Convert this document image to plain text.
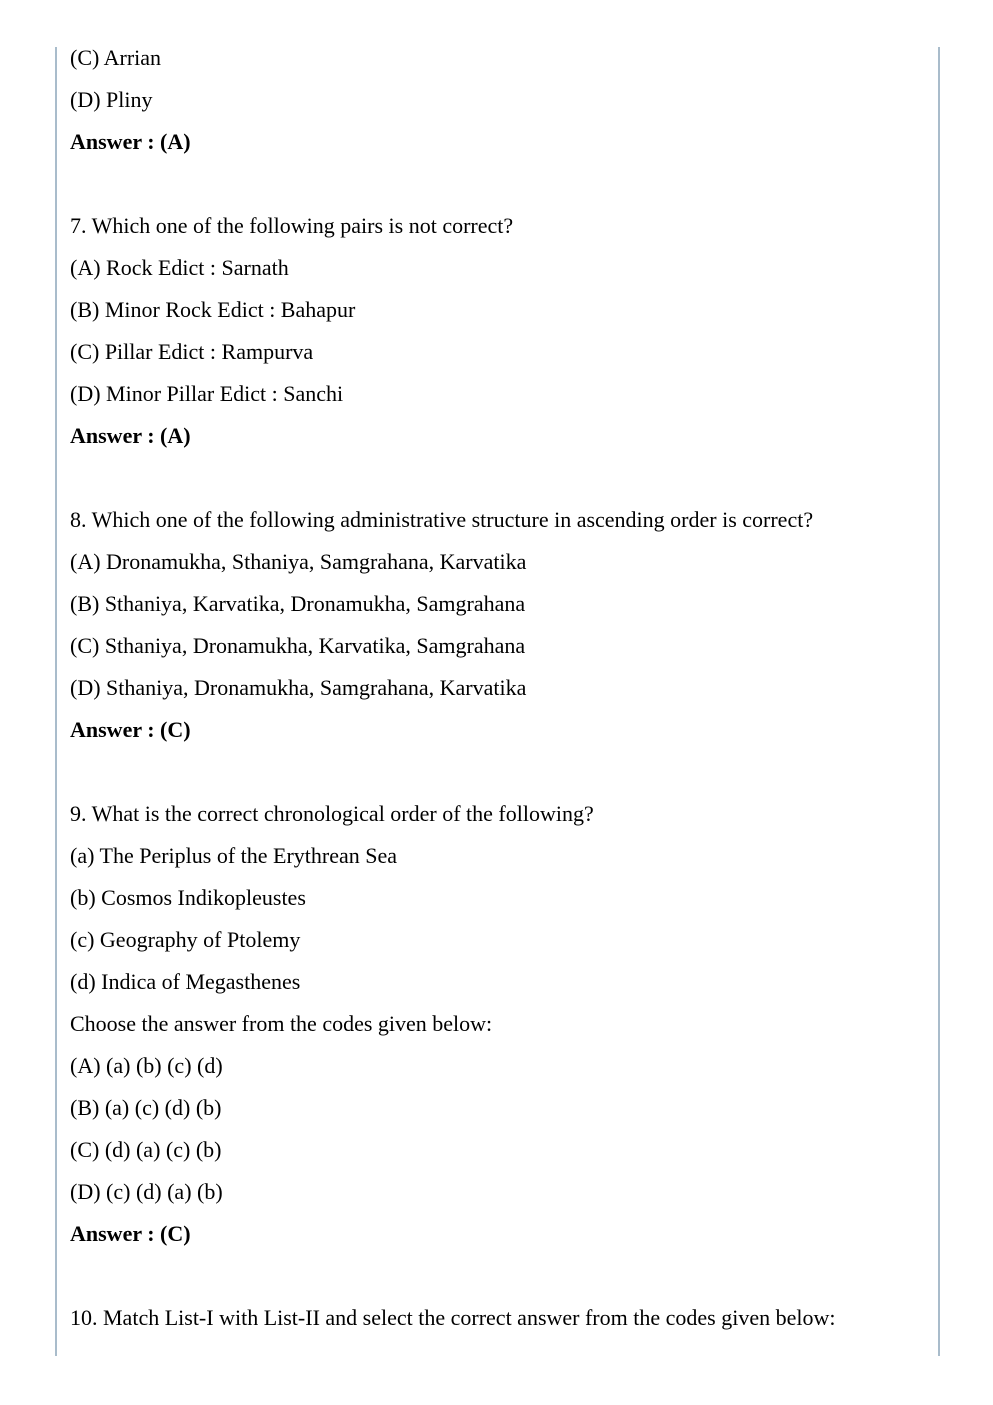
(C) Arrian

(D) Pliny

Answer : (A)

7. Which one of the following pairs is not correct?

(A) Rock Edict : Sarnath

(B) Minor Rock Edict : Bahapur

(C) Pillar Edict : Rampurva

(D) Minor Pillar Edict : Sanchi

Answer : (A)

8. Which one of the following administrative structure in ascending order is correct?

(A) Dronamukha, Sthaniya, Samgrahana, Karvatika

(B) Sthaniya, Karvatika, Dronamukha, Samgrahana

(C) Sthaniya, Dronamukha, Karvatika, Samgrahana

(D) Sthaniya, Dronamukha, Samgrahana, Karvatika

Answer : (C)

9. What is the correct chronological order of the following?

(a) The Periplus of the Erythrean Sea

(b) Cosmos Indikopleustes

(c) Geography of Ptolemy

(d) Indica of Megasthenes

Choose the answer from the codes given below:

(A) (a) (b) (c) (d)

(B) (a) (c) (d) (b)

(C) (d) (a) (c) (b)

(D) (c) (d) (a) (b)

Answer : (C)

10. Match List-I with List-II and select the correct answer from the codes given below:
